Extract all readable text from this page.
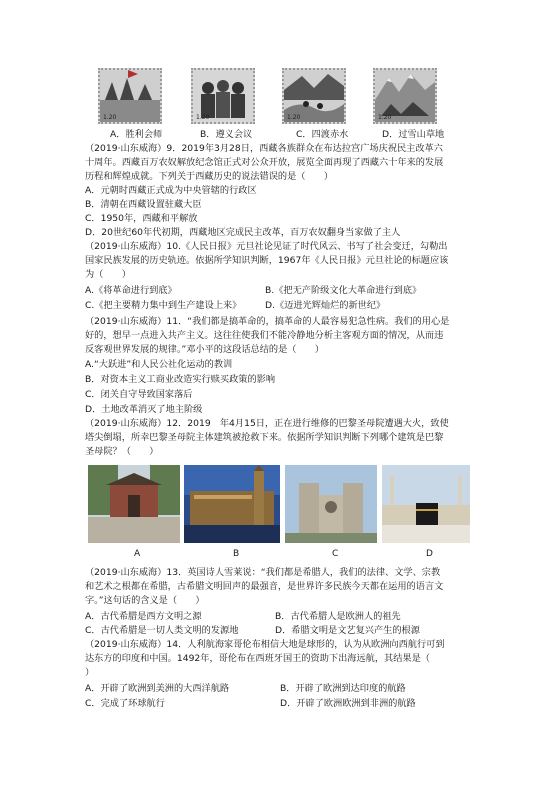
1.20	1.20	1.20	1.20
A．胜利会师	B．遵义会议	C．四渡赤水	D．过雪山草地
（2019·山东威海）9．2019年3月28日，西藏各族群众在布达拉宫广场庆祝民主改革六
十周年。西藏百万农奴解放纪念馆正式对公众开放，展览全面再现了西藏六十年来的发展
历程和辉煌成就。下列关于西藏历史的说法错误的是（　　）
A．元朝时西藏正式成为中央管辖的行政区
B．清朝在西藏设置驻藏大臣
C．1950年，西藏和平解放
D．20世纪60年代初期，西藏地区完成民主改革，百万农奴翻身当家做了主人
（2019·山东威海）10.《人民日报》元旦社论见证了时代风云、书写了社会变迁，勾勒出
国家民族发展的历史轨迹。依据所学知识判断，1967年《人民日报》元旦社论的标题应该
为（　　）
A.《将革命进行到底》	B.《把无产阶级文化大革命进行到底》
C.《把主要精力集中到生产建设上来》	D.《迈进光辉灿烂的新世纪》
（2019·山东威海）11．“我们都是搞革命的，搞革命的人最容易犯急性病。我们的用心是
好的，想早一点进入共产主义。这往往使我们不能冷静地分析主客观方面的情况，从而违
反客观世界发展的规律。”邓小平的这段话总结的是（　　）
A.“大跃进”和人民公社化运动的教训
B．对资本主义工商业改造实行赎买政策的影响
C．闭关自守导致国家落后
D．土地改革消灭了地主阶级
（2019·山东威海）12．2019　年4月15日，正在进行维修的巴黎圣母院遭遇大火，致使
塔尖倒塌，所幸巴黎圣母院主体建筑被抢救下来。依据所学知识判断下列哪个建筑是巴黎
圣母院？（　　）
A	B	C	D
（2019·山东威海）13．英国诗人雪莱说：“我们都是希腊人，我们的法律、文学、宗教
和艺术之根都在希腊，古希腊文明回声的最强音，是世界许多民族今天都在运用的语言文
字。”这句话的含义是（　　）
A．古代希腊是西方文明之源	B．古代希腊人是欧洲人的祖先
C．古代希腊是一切人类文明的发源地	D．希腊文明是文艺复兴产生的根源
（2019·山东威海）14．人利航海家哥伦布相信大地是球形的，认为从欧洲向西航行可到
达东方的印度和中国。1492年，哥伦布在西班牙国王的资助下出海远航，其结果是（
）
A．开辟了欧洲到美洲的大西洋航路	B．开辟了欧洲到达印度的航路
C．完成了环球航行	D．开辟了欧洲欧洲到非洲的航路
